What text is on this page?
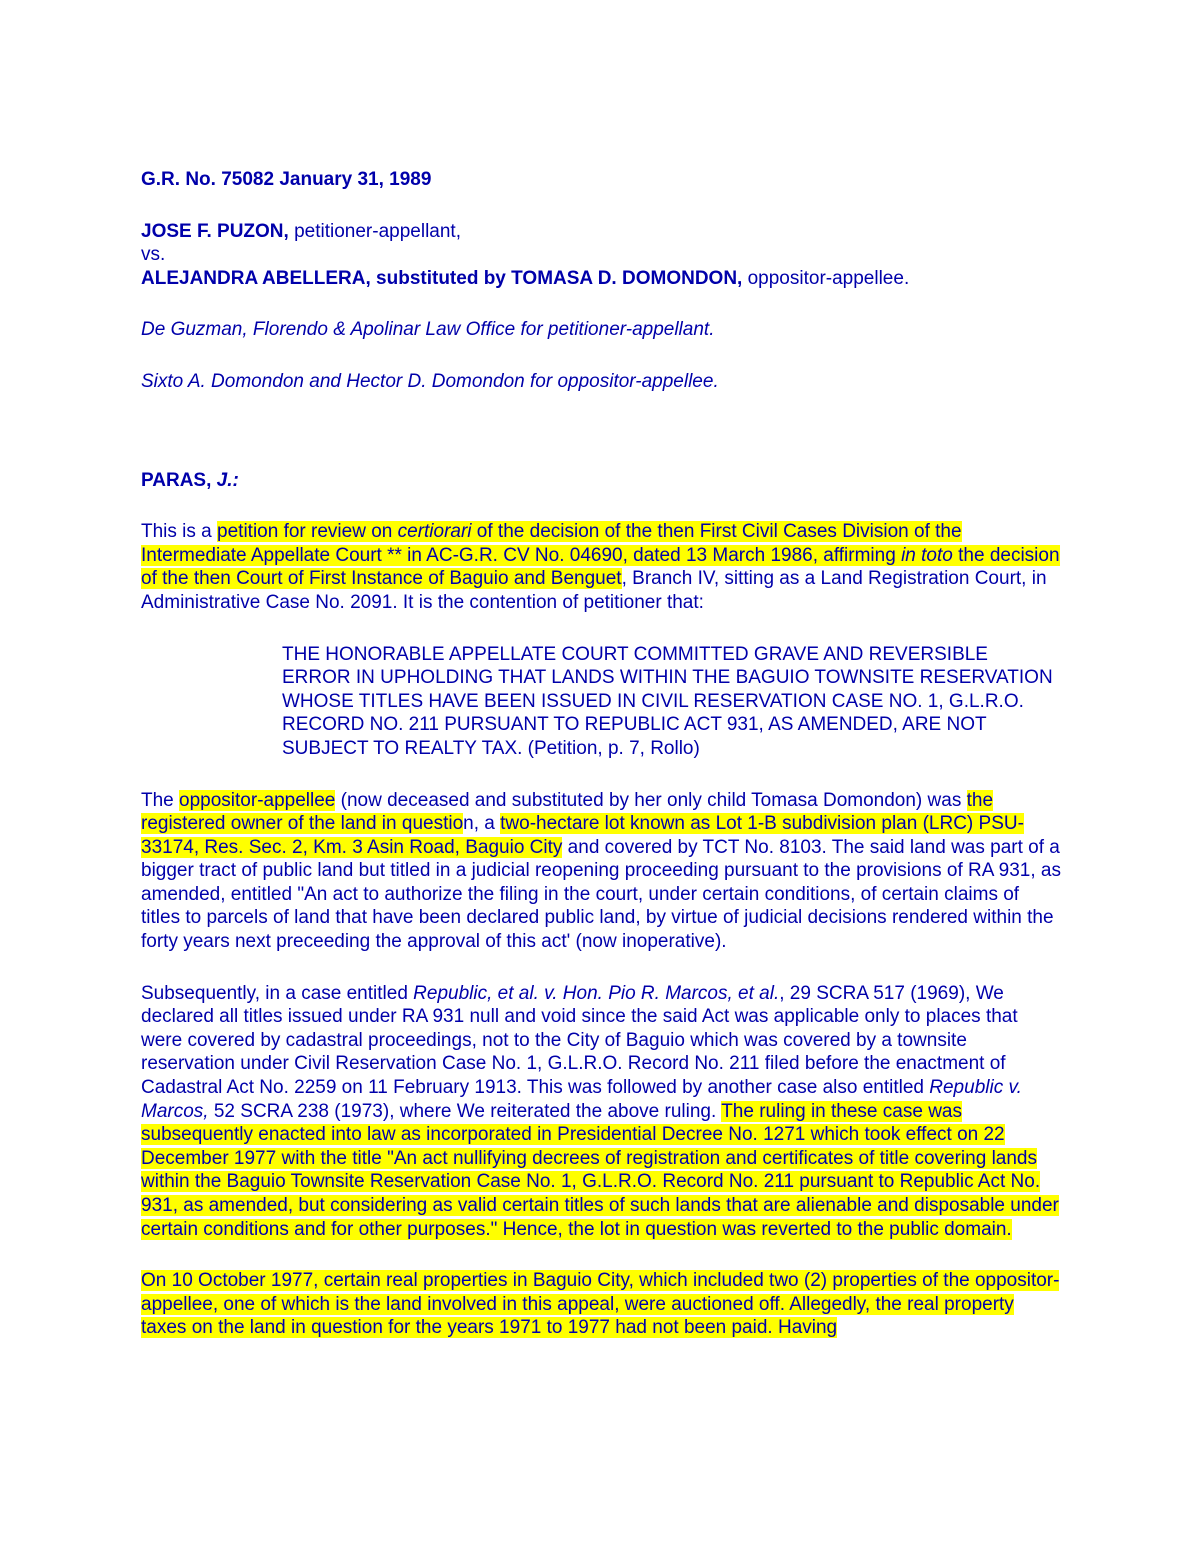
G.R. No. 75082 January 31, 1989

JOSE F. PUZON, petitioner-appellant,

vs.

ALEJANDRA ABELLERA, substituted by TOMASA D. DOMONDON, oppositor-appellee.

De Guzman, Florendo & Apolinar Law Office for petitioner-appellant.

Sixto A. Domondon and Hector D. Domondon for oppositor-appellee.

PARAS, J.:

This is a petition for review on certiorari of the decision of the then First Civil Cases Division of the Intermediate Appellate Court ** in AC-G.R. CV No. 04690, dated 13 March 1986, affirming in toto the decision of the then Court of First Instance of Baguio and Benguet, Branch IV, sitting as a Land Registration Court, in Administrative Case No. 2091. It is the contention of petitioner that:

THE HONORABLE APPELLATE COURT COMMITTED GRAVE AND REVERSIBLE ERROR IN UPHOLDING THAT LANDS WITHIN THE BAGUIO TOWNSITE RESERVATION WHOSE TITLES HAVE BEEN ISSUED IN CIVIL RESERVATION CASE NO. 1, G.L.R.O. RECORD NO. 211 PURSUANT TO REPUBLIC ACT 931, AS AMENDED, ARE NOT SUBJECT TO REALTY TAX. (Petition, p. 7, Rollo)

The oppositor-appellee (now deceased and substituted by her only child Tomasa Domondon) was the registered owner of the land in question, a two-hectare lot known as Lot 1-B subdivision plan (LRC) PSU-33174, Res. Sec. 2, Km. 3 Asin Road, Baguio City and covered by TCT No. 8103. The said land was part of a bigger tract of public land but titled in a judicial reopening proceeding pursuant to the provisions of RA 931, as amended, entitled "An act to authorize the filing in the court, under certain conditions, of certain claims of titles to parcels of land that have been declared public land, by virtue of judicial decisions rendered within the forty years next preceeding the approval of this act' (now inoperative).

Subsequently, in a case entitled Republic, et al. v. Hon. Pio R. Marcos, et al., 29 SCRA 517 (1969), We declared all titles issued under RA 931 null and void since the said Act was applicable only to places that were covered by cadastral proceedings, not to the City of Baguio which was covered by a townsite reservation under Civil Reservation Case No. 1, G.L.R.O. Record No. 211 filed before the enactment of Cadastral Act No. 2259 on 11 February 1913. This was followed by another case also entitled Republic v. Marcos, 52 SCRA 238 (1973), where We reiterated the above ruling. The ruling in these case was subsequently enacted into law as incorporated in Presidential Decree No. 1271 which took effect on 22 December 1977 with the title "An act nullifying decrees of registration and certificates of title covering lands within the Baguio Townsite Reservation Case No. 1, G.L.R.O. Record No. 211 pursuant to Republic Act No. 931, as amended, but considering as valid certain titles of such lands that are alienable and disposable under certain conditions and for other purposes." Hence, the lot in question was reverted to the public domain.

On 10 October 1977, certain real properties in Baguio City, which included two (2) properties of the oppositor-appellee, one of which is the land involved in this appeal, were auctioned off. Allegedly, the real property taxes on the land in question for the years 1971 to 1977 had not been paid. Having
